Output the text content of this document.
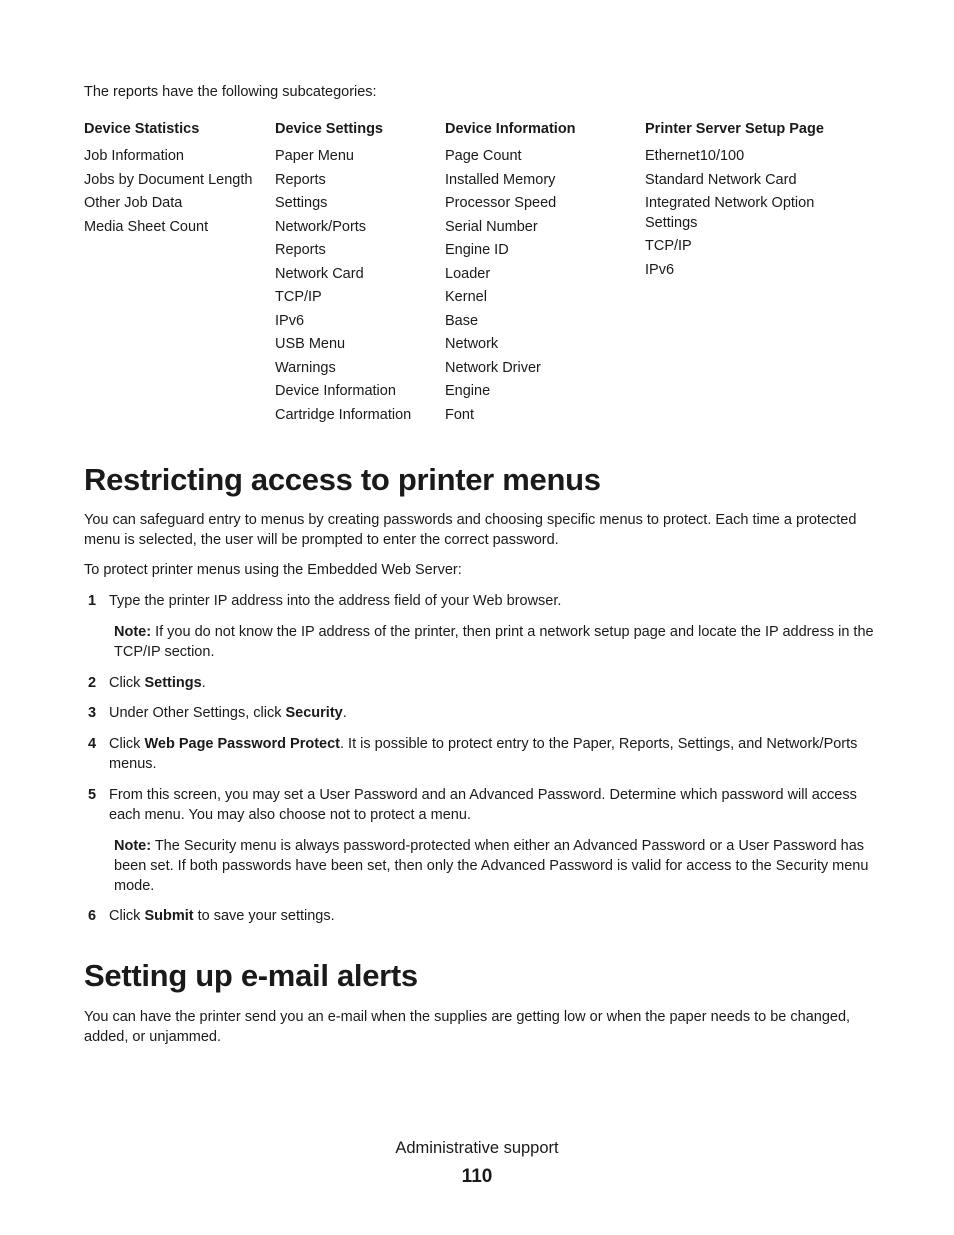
The reports have the following subcategories:

Device Statistics
Job Information
Jobs by Document Length
Other Job Data
Media Sheet Count
Device Settings
Paper Menu
Reports
Settings
Network/Ports
Reports
Network Card
TCP/IP
IPv6
USB Menu
Warnings
Device Information
Cartridge Information
Device Information
Page Count
Installed Memory
Processor Speed
Serial Number
Engine ID
Loader
Kernel
Base
Network
Network Driver
Engine
Font
Printer Server Setup Page
Ethernet10/100
Standard Network Card
Integrated Network Option Settings
TCP/IP
IPv6
Restricting access to printer menus

You can safeguard entry to menus by creating passwords and choosing specific menus to protect. Each time a protected menu is selected, the user will be prompted to enter the correct password.

To protect printer menus using the Embedded Web Server:

1 Type the printer IP address into the address field of your Web browser.

Note: If you do not know the IP address of the printer, then print a network setup page and locate the IP address in the TCP/IP section.

2 Click Settings.

3 Under Other Settings, click Security.

4 Click Web Page Password Protect. It is possible to protect entry to the Paper, Reports, Settings, and Network/Ports menus.

5 From this screen, you may set a User Password and an Advanced Password. Determine which password will access each menu. You may also choose not to protect a menu.

Note: The Security menu is always password-protected when either an Advanced Password or a User Password has been set. If both passwords have been set, then only the Advanced Password is valid for access to the Security menu mode.

6 Click Submit to save your settings.

Setting up e-mail alerts

You can have the printer send you an e-mail when the supplies are getting low or when the paper needs to be changed, added, or unjammed.

Administrative support
110
